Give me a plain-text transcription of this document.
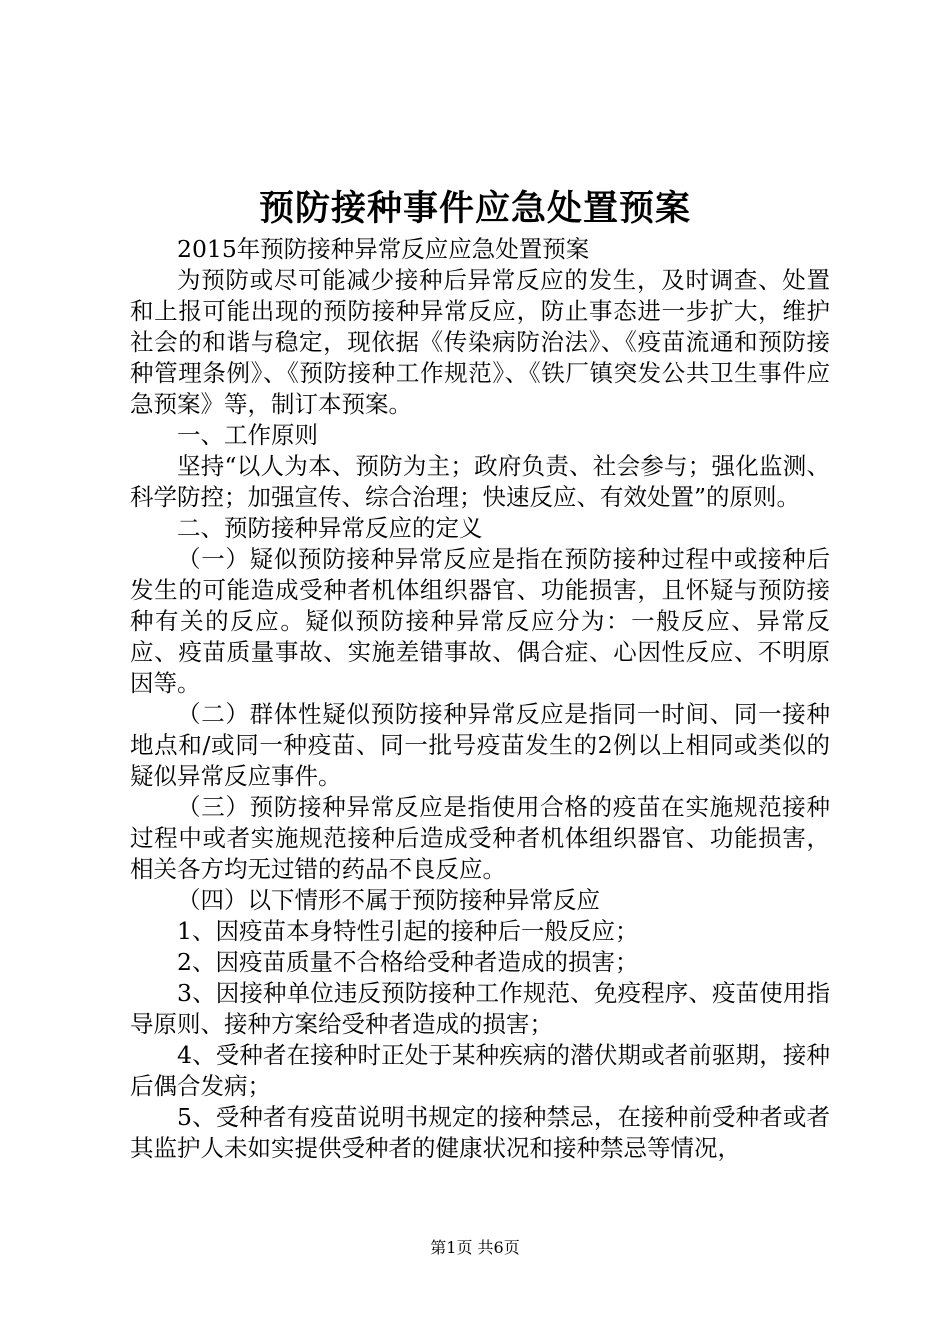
预防接种事件应急处置预案

2015年预防接种异常反应应急处置预案

为预防或尽可能减少接种后异常反应的发生，及时调查、处置和上报可能出现的预防接种异常反应，防止事态进一步扩大，维护社会的和谐与稳定，现依据《传染病防治法》、《疫苗流通和预防接种管理条例》、《预防接种工作规范》、《铁厂镇突发公共卫生事件应急预案》等，制订本预案。

一、工作原则

坚持“以人为本、预防为主；政府负责、社会参与；强化监测、科学防控；加强宣传、综合治理；快速反应、有效处置”的原则。

二、预防接种异常反应的定义

（一）疑似预防接种异常反应是指在预防接种过程中或接种后发生的可能造成受种者机体组织器官、功能损害，且怀疑与预防接种有关的反应。疑似预防接种异常反应分为：一般反应、异常反应、疫苗质量事故、实施差错事故、偶合症、心因性反应、不明原因等。

（二）群体性疑似预防接种异常反应是指同一时间、同一接种地点和/或同一种疫苗、同一批号疫苗发生的2例以上相同或类似的疑似异常反应事件。

（三）预防接种异常反应是指使用合格的疫苗在实施规范接种过程中或者实施规范接种后造成受种者机体组织器官、功能损害，相关各方均无过错的药品不良反应。

（四）以下情形不属于预防接种异常反应

1、因疫苗本身特性引起的接种后一般反应；

2、因疫苗质量不合格给受种者造成的损害；

3、因接种单位违反预防接种工作规范、免疫程序、疫苗使用指导原则、接种方案给受种者造成的损害；

4、受种者在接种时正处于某种疾病的潜伏期或者前驱期，接种后偶合发病；

5、受种者有疫苗说明书规定的接种禁忌，在接种前受种者或者其监护人未如实提供受种者的健康状况和接种禁忌等情况，

第1页 共6页
